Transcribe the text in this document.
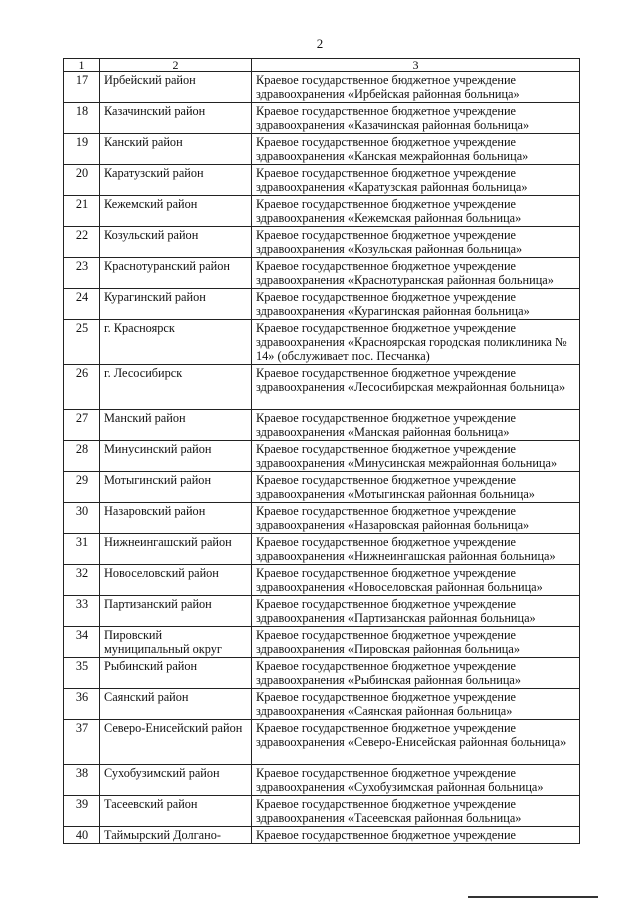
2
1	2	3
17	Ирбейский район	Краевое государственное бюджетное учреждение здравоохранения «Ирбейская районная больница»
18	Казачинский район	Краевое государственное бюджетное учреждение здравоохранения «Казачинская районная больница»
19	Канский район	Краевое государственное бюджетное учреждение здравоохранения «Канская межрайонная больница»
20	Каратузский район	Краевое государственное бюджетное учреждение здравоохранения «Каратузская районная больница»
21	Кежемский район	Краевое государственное бюджетное учреждение здравоохранения «Кежемская районная больница»
22	Козульский район	Краевое государственное бюджетное учреждение здравоохранения «Козульская районная больница»
23	Краснотуранский район	Краевое государственное бюджетное учреждение здравоохранения «Краснотуранская районная больница»
24	Курагинский район	Краевое государственное бюджетное учреждение здравоохранения «Курагинская районная больница»
25	г. Красноярск	Краевое государственное бюджетное учреждение здравоохранения «Красноярская городская поликлиника № 14» (обслуживает пос. Песчанка)
26	г. Лесосибирск	Краевое государственное бюджетное учреждение здравоохранения «Лесосибирская межрайонная больница»
27	Манский район	Краевое государственное бюджетное учреждение здравоохранения «Манская районная больница»
28	Минусинский район	Краевое государственное бюджетное учреждение здравоохранения «Минусинская межрайонная больница»
29	Мотыгинский район	Краевое государственное бюджетное учреждение здравоохранения «Мотыгинская районная больница»
30	Назаровский район	Краевое государственное бюджетное учреждение здравоохранения «Назаровская районная больница»
31	Нижнеингашский район	Краевое государственное бюджетное учреждение здравоохранения «Нижнеингашская районная больница»
32	Новоселовский район	Краевое государственное бюджетное учреждение здравоохранения «Новоселовская районная больница»
33	Партизанский район	Краевое государственное бюджетное учреждение здравоохранения «Партизанская районная больница»
34	Пировский муниципальный округ	Краевое государственное бюджетное учреждение здравоохранения «Пировская районная больница»
35	Рыбинский район	Краевое государственное бюджетное учреждение здравоохранения «Рыбинская районная больница»
36	Саянский район	Краевое государственное бюджетное учреждение здравоохранения «Саянская районная больница»
37	Северо-Енисейский район	Краевое государственное бюджетное учреждение здравоохранения «Северо-Енисейская районная больница»
38	Сухобузимский район	Краевое государственное бюджетное учреждение здравоохранения «Сухобузимская районная больница»
39	Тасеевский район	Краевое государственное бюджетное учреждение здравоохранения «Тасеевская районная больница»
40	Таймырский Долгано-	Краевое государственное бюджетное учреждение
